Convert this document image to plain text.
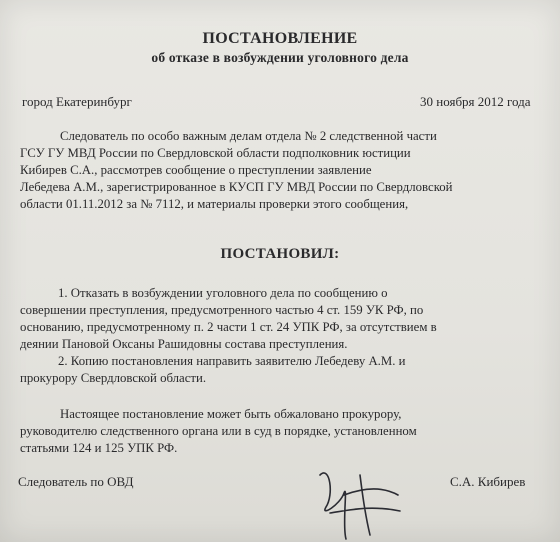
ПОСТАНОВЛЕНИЕ
об отказе в возбуждении уголовного дела
город Екатеринбург	30 ноября 2012 года
Следователь по особо важным делам отдела № 2 следственной части
ГСУ ГУ МВД России по Свердловской области подполковник юстиции
Кибирев С.А., рассмотрев сообщение о преступлении заявление
Лебедева А.М., зарегистрированное в КУСП ГУ МВД России по Свердловской
области 01.11.2012 за № 7112, и материалы проверки этого сообщения,
ПОСТАНОВИЛ:
1. Отказать в возбуждении уголовного дела по сообщению о
совершении преступления, предусмотренного частью 4 ст. 159 УК РФ, по
основанию, предусмотренному п. 2 части 1 ст. 24 УПК РФ, за отсутствием в
деянии Пановой Оксаны Рашидовны состава преступления.
2. Копию постановления направить заявителю Лебедеву А.М. и
прокурору Свердловской области.
Настоящее постановление может быть обжаловано прокурору,
руководителю следственного органа или в суд в порядке, установленном
статьями 124 и 125 УПК РФ.
Следователь по ОВД	С.А. Кибирев
